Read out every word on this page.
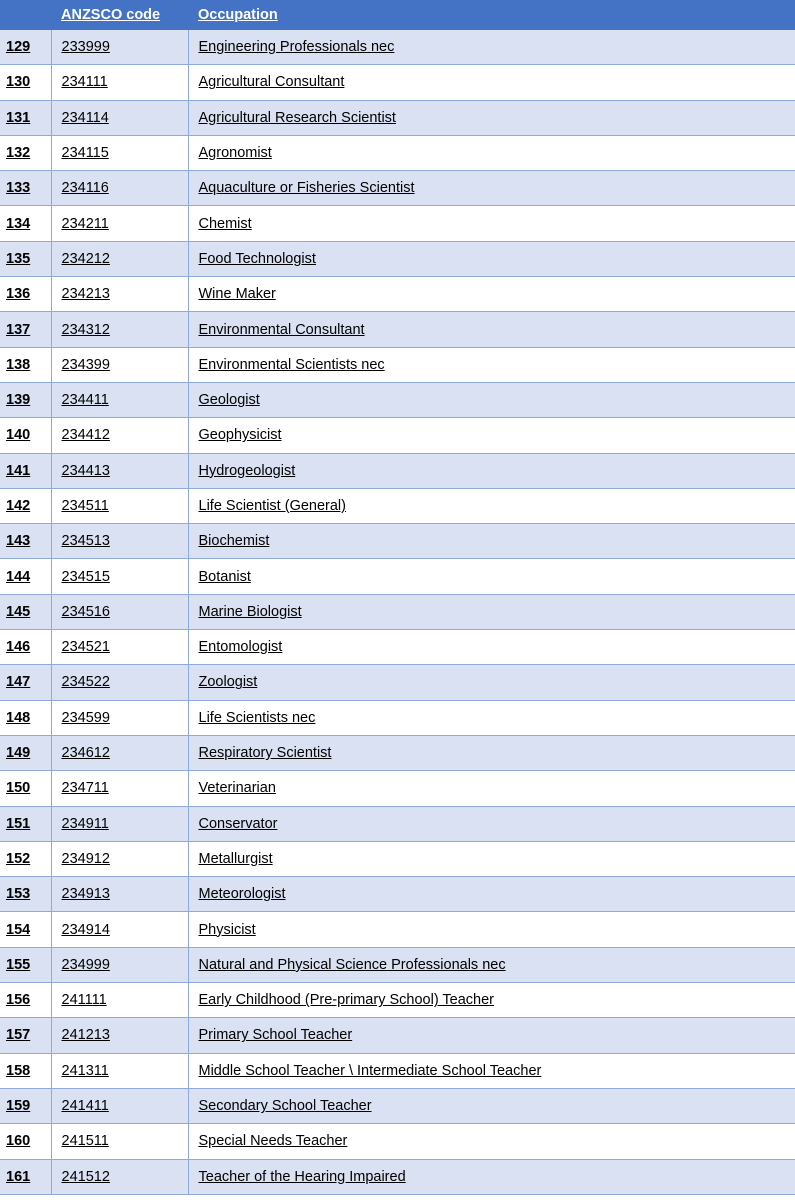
	ANZSCO code	Occupation
129	233999	Engineering Professionals nec
130	234111	Agricultural Consultant
131	234114	Agricultural Research Scientist
132	234115	Agronomist
133	234116	Aquaculture or Fisheries Scientist
134	234211	Chemist
135	234212	Food Technologist
136	234213	Wine Maker
137	234312	Environmental Consultant
138	234399	Environmental Scientists nec
139	234411	Geologist
140	234412	Geophysicist
141	234413	Hydrogeologist
142	234511	Life Scientist (General)
143	234513	Biochemist
144	234515	Botanist
145	234516	Marine Biologist
146	234521	Entomologist
147	234522	Zoologist
148	234599	Life Scientists nec
149	234612	Respiratory Scientist
150	234711	Veterinarian
151	234911	Conservator
152	234912	Metallurgist
153	234913	Meteorologist
154	234914	Physicist
155	234999	Natural and Physical Science Professionals nec
156	241111	Early Childhood (Pre-primary School) Teacher
157	241213	Primary School Teacher
158	241311	Middle School Teacher \ Intermediate School Teacher
159	241411	Secondary School Teacher
160	241511	Special Needs Teacher
161	241512	Teacher of the Hearing Impaired
